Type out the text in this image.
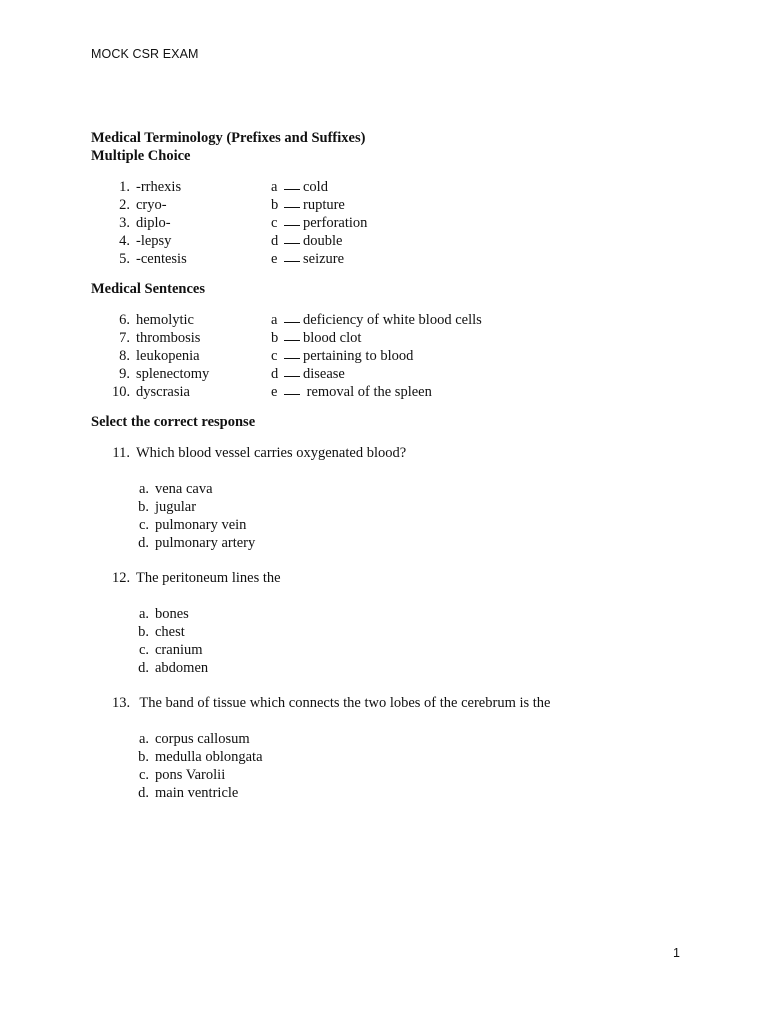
MOCK CSR EXAM
Medical Terminology (Prefixes and Suffixes)
Multiple Choice
1. -rrhexis
2. cryo-
3. diplo-
4. -lepsy
5. -centesis
a cold
b rupture
c perforation
d double
e seizure
Medical Sentences
6. hemolytic
7. thrombosis
8. leukopenia
9. splenectomy
10. dyscrasia
a deficiency of white blood cells
b blood clot
c pertaining to blood
d disease
e removal of the spleen
Select the correct response
11. Which blood vessel carries oxygenated blood?
a. vena cava
b. jugular
c. pulmonary vein
d. pulmonary artery
12. The peritoneum lines the
a. bones
b. chest
c. cranium
d. abdomen
13. The band of tissue which connects the two lobes of the cerebrum is the
a. corpus callosum
b. medulla oblongata
c. pons Varolii
d. main ventricle
1
